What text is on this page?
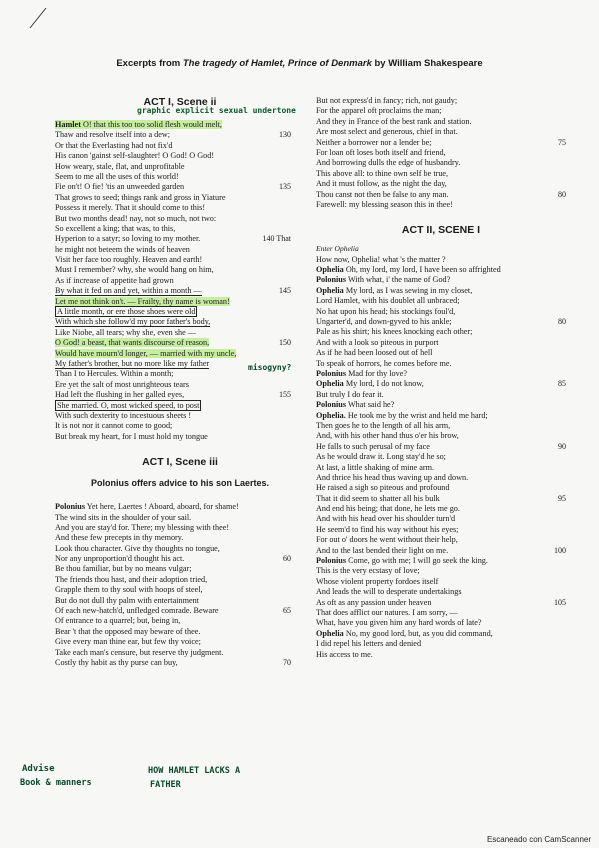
Excerpts from The tragedy of Hamlet, Prince of Denmark by William Shakespeare
ACT I, Scene ii
graphic explicit sexual undertone
Hamlet O! that this too too solid flesh would melt,
Thaw and resolve itself into a dew;	130
Or that the Everlasting had not fix'd
His canon 'gainst self-slaughter! O God! O God!
How weary, stale, flat, and unprofitable
Seem to me all the uses of this world!
Fie on't! O fie! 'tis an unweeded garden	135
That grows to seed; things rank and gross in Yiature
Possess it merely. That it should come to this!
But two months dead! nay, not so much, not two:
So excellent a king; that was, to this,
Hyperion to a satyr; so loving to my mother.	140 That
he might not beteem the winds of heaven
Visit her face too roughly. Heaven and earth!
Must I remember? why, she would hang on him,
As if increase of appetite had grown
By what it fed on and yet, within a month —	145
Let me not think on't. — Frailty, thy name is woman!
A little month, or ere those shoes were old
With which she follow'd my poor father's body,
Like Niobe, all tears; why she, even she —
O God! a beast, that wants discourse of reason,	150
Would have mourn'd longer, — married with my uncle,
My father's brother, but no more like my father
Than I to Hercules. Within a month;
Ere yet the salt of most unrighteous tears
Had left the flushing in her galled eyes,	155
She married. O, most wicked speed, to post
With such dexterity to incestuous sheets !
It is not nor it cannot come to good;
But break my heart, for I must hold my tongue
ACT I, Scene iii
Polonius offers advice to his son Laertes.
Polonius Yet here, Laertes ! Aboard, aboard, for shame!
The wind sits in the shoulder of your sail.
And you are stay'd for. There; my blessing with thee!
And these few precepts in thy memory.
Look thou character. Give thy thoughts no tongue,
Nor any unproportion'd thought his act.	60
Be thou familiar, but by no means vulgar;
The friends thou hast, and their adoption tried,
Grapple them to thy soul with hoops of steel,
But do not dull thy palm with entertainment
Of each new-hatch'd, unfledged comrade. Beware	65
Of entrance to a quarrel; but, being in,
Bear 't that the opposed may beware of thee.
Give every man thine ear, but few thy voice;
Take each man's censure, but reserve thy judgment.
Costly thy habit as thy purse can buy,	70
misogyny?
Advise
Book & manners
HOW HAMLET LACKS A
FATHER
But not express'd in fancy; rich, not gaudy;
For the apparel oft proclaims the man;
And they in France of the best rank and station.
Are most select and generous, chief in that.
Neither a borrower nor a lender be;	75
For loan oft loses both itself and friend,
And borrowing dulls the edge of husbandry.
This above all: to thine own self be true,
And it must follow, as the night the day,
Thou canst not then be false to any man.	80
Farewell: my blessing season this in thee!
ACT II, SCENE I
Enter Ophelia
How now, Ophelia! what 's the matter ?
Ophelia Oh, my lord, my lord, I have been so affrighted
Polonius With what, i' the name of God?
Ophelia My lord, as I was sewing in my closet,
Lord Hamlet, with his doublet all unbraced;
No hat upon his head; his stockings foul'd,
Ungarter'd, and down-gyved to his ankle;	80
Pale as his shirt; his knees knocking each other;
And with a look so piteous in purport
As if he had been loosed out of hell
To speak of horrors, he comes before me.
Polonius Mad for thy love?
Ophelia My lord, I do not know,	85
But truly I do fear it.
Polonius What said he?
Ophelia. He took me by the wrist and held me hard;
Then goes he to the length of all his arm,
And, with his other hand thus o'er his brow,
He falls to such perusal of my face	90
As he would draw it. Long stay'd he so;
At last, a little shaking of mine arm.
And thrice his head thus waving up and down.
He raised a sigh so piteous and profound
That it did seem to shatter all his bulk	95
And end his being; that done, he lets me go.
And with his head over his shoulder turn'd
He seem'd to find his way without his eyes;
For out o' doors he went without their help,
And to the last bended their light on me.	100
Polonius Come, go with me; I will go seek the king.
This is the very ecstasy of love;
Whose violent property fordoes itself
And leads the will to desperate undertakings
As oft as any passion under heaven	105
That does afflict our natures. I am sorry, —
What, have you given him any hard words of late?
Ophelia No, my good lord, but, as you did command,
I did repel his letters and denied
His access to me.
Escaneado con CamScanner
